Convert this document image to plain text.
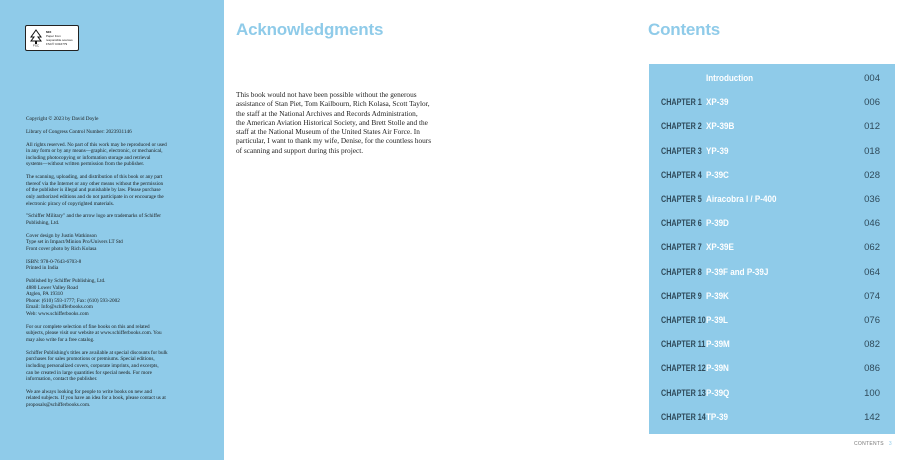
FSC
MIX
Paper from
responsible sources
FSC® C016779

Copyright © 2023 by David Doyle

Library of Congress Control Number: 2023931146

All rights reserved. No part of this work may be reproduced or used
in any form or by any means—graphic, electronic, or mechanical,
including photocopying or information storage and retrieval
systems—without written permission from the publisher.

The scanning, uploading, and distribution of this book or any part
thereof via the Internet or any other means without the permission
of the publisher is illegal and punishable by law. Please purchase
only authorized editions and do not participate in or encourage the
electronic piracy of copyrighted materials.

"Schiffer Military" and the arrow logo are trademarks of Schiffer
Publishing, Ltd.

Cover design by Justin Watkinson
Type set in Impact/Minion Pro/Univers LT Std
Front cover photo by Rich Kolasa

ISBN: 978-0-7643-6703-8
Printed in India

Published by Schiffer Publishing, Ltd.
4880 Lower Valley Road
Atglen, PA 19310
Phone: (610) 593-1777; Fax: (610) 593-2002
Email: Info@schifferbooks.com
Web: www.schifferbooks.com

For our complete selection of fine books on this and related
subjects, please visit our website at www.schifferbooks.com. You
may also write for a free catalog.

Schiffer Publishing's titles are available at special discounts for bulk
purchases for sales promotions or premiums. Special editions,
including personalized covers, corporate imprints, and excerpts,
can be created in large quantities for special needs. For more
information, contact the publisher.

We are always looking for people to write books on new and
related subjects. If you have an idea for a book, please contact us at
proposals@schifferbooks.com.

Acknowledgments
This book would not have been possible without the generous
assistance of Stan Piet, Tom Kailbourn, Rich Kolasa, Scott Taylor,
the staff at the National Archives and Records Administration,
the American Aviation Historical Society, and Brett Stolle and the
staff at the National Museum of the United States Air Force. In
particular, I want to thank my wife, Denise, for the countless hours
of scanning and support during this project.
Contents
Introduction	004
CHAPTER 1 XP-39	006
CHAPTER 2 XP-39B	012
CHAPTER 3 YP-39	018
CHAPTER 4 P-39C	028
CHAPTER 5 Airacobra I / P-400	036
CHAPTER 6 P-39D	046
CHAPTER 7 XP-39E	062
CHAPTER 8 P-39F and P-39J	064
CHAPTER 9 P-39K	074
CHAPTER 10 P-39L	076
CHAPTER 11 P-39M	082
CHAPTER 12 P-39N	086
CHAPTER 13 P-39Q	100
CHAPTER 14 TP-39	142
CONTENTS 3
